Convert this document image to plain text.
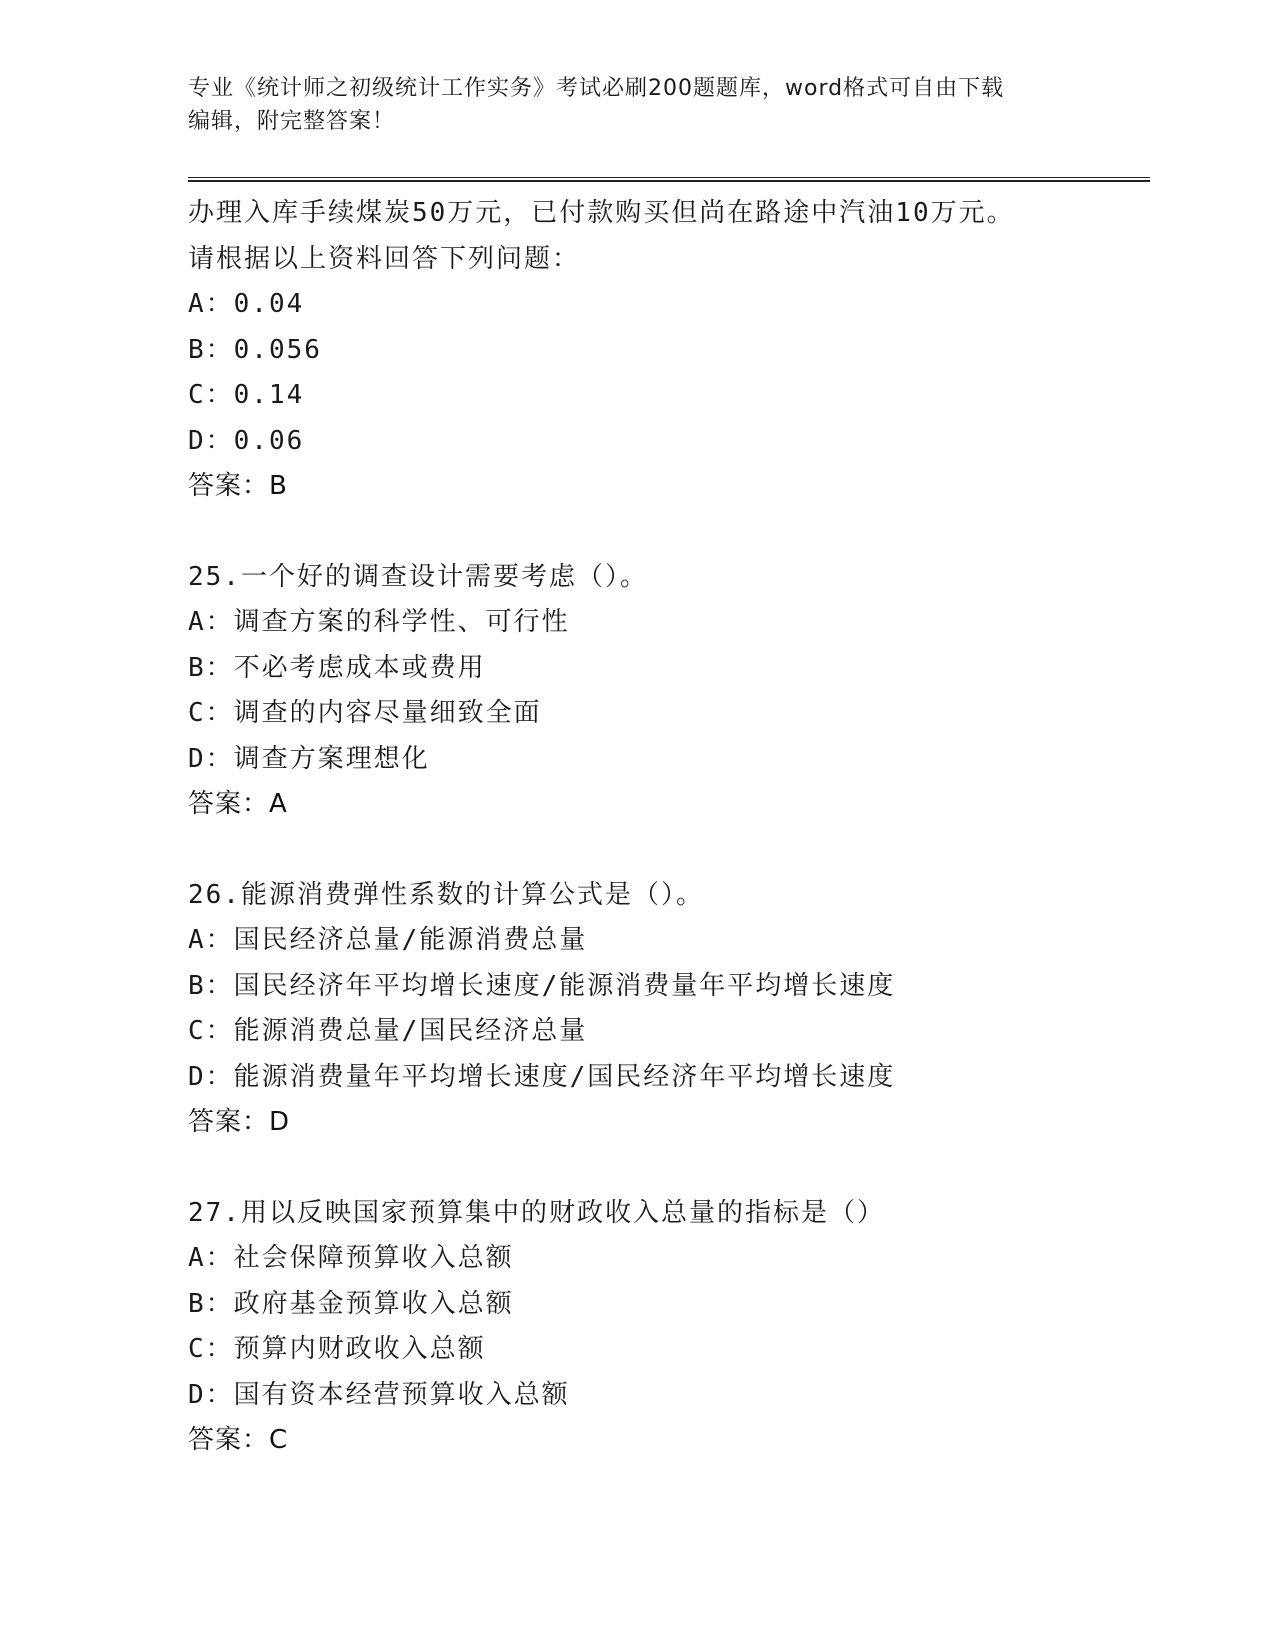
专业《统计师之初级统计工作实务》考试必刷200题题库，word格式可自由下载
编辑，附完整答案！
办理入库手续煤炭50万元，已付款购买但尚在路途中汽油10万元。
请根据以上资料回答下列问题：
A：0.04
B：0.056
C：0.14
D：0.06
答案：B
25.一个好的调查设计需要考虑（）。
A：调查方案的科学性、可行性
B：不必考虑成本或费用
C：调查的内容尽量细致全面
D：调查方案理想化
答案：A
26.能源消费弹性系数的计算公式是（）。
A：国民经济总量/能源消费总量
B：国民经济年平均增长速度/能源消费量年平均增长速度
C：能源消费总量/国民经济总量
D：能源消费量年平均增长速度/国民经济年平均增长速度
答案：D
27.用以反映国家预算集中的财政收入总量的指标是（）
A：社会保障预算收入总额
B：政府基金预算收入总额
C：预算内财政收入总额
D：国有资本经营预算收入总额
答案：C
